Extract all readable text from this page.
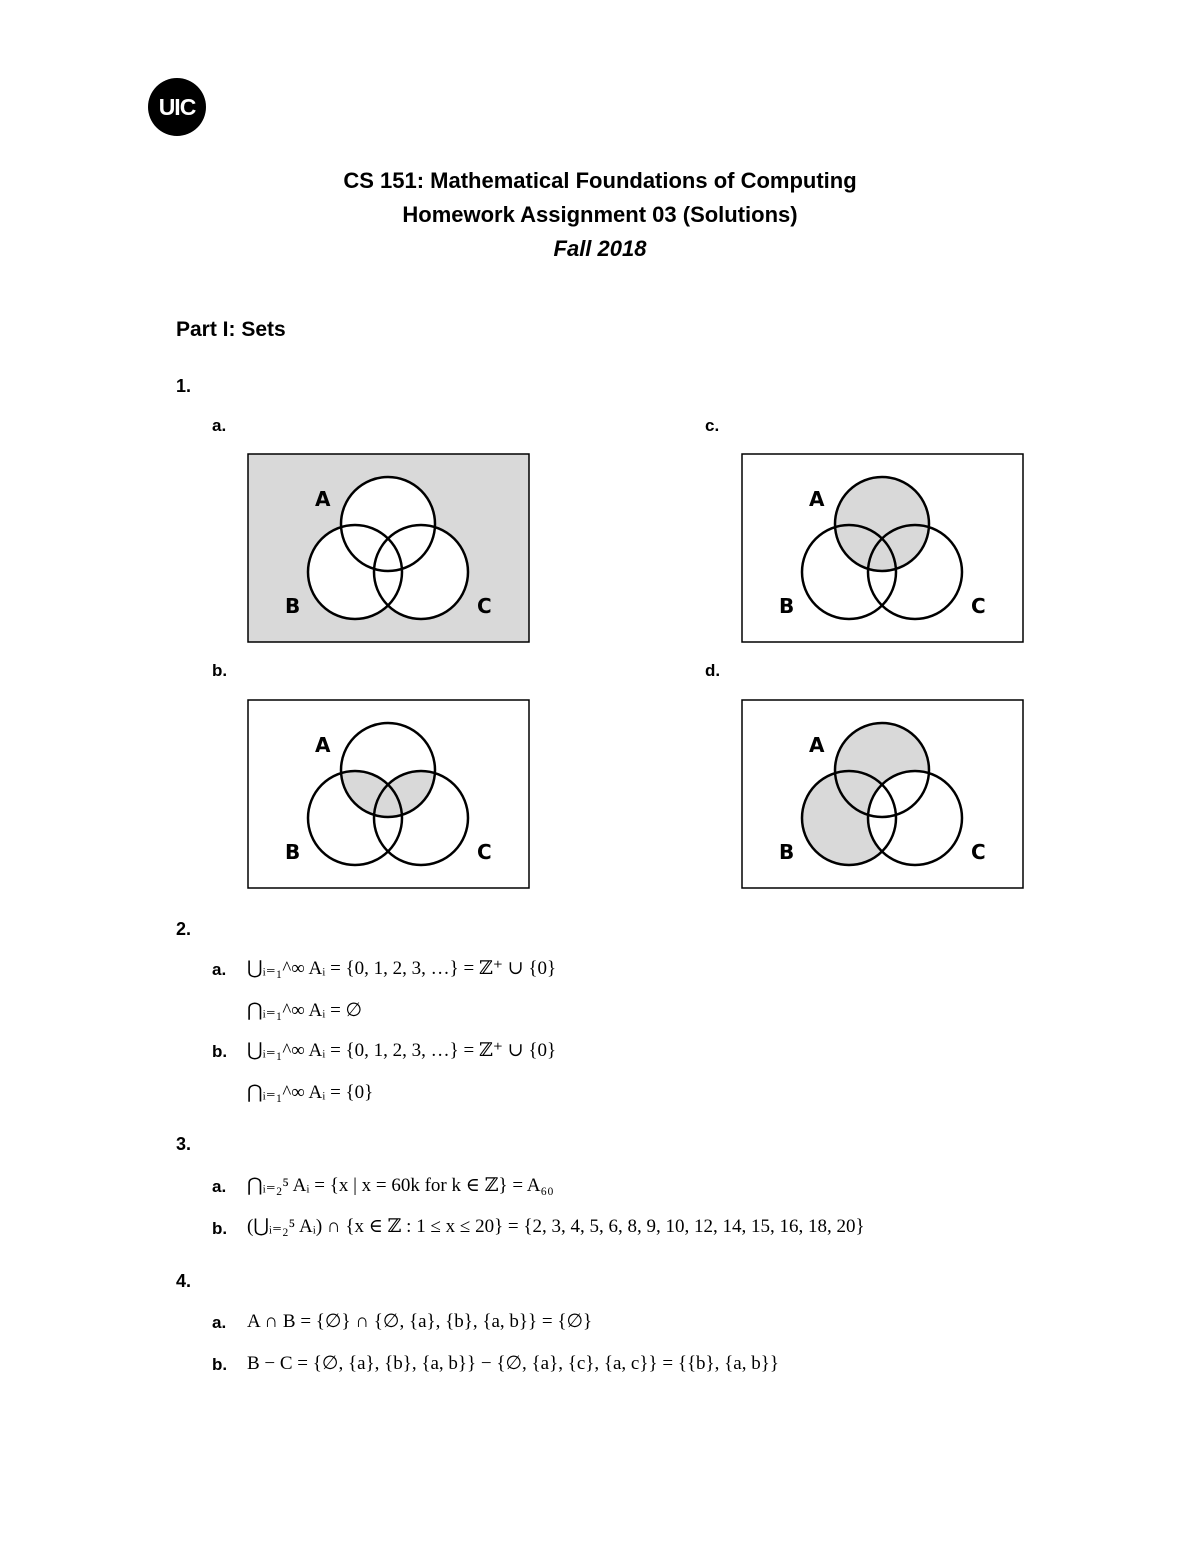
UIC
CS 151: Mathematical Foundations of Computing
Homework Assignment 03 (Solutions)
Fall 2018
Part I: Sets
1.
a.	c.
b.	d.
A
B	C
A
B	C
A
B	C
A
B	C
2.
a. ⋃ᵢ₌₁^∞ Aᵢ = {0, 1, 2, 3, …} = ℤ⁺ ∪ {0}
⋂ᵢ₌₁^∞ Aᵢ = ∅
b. ⋃ᵢ₌₁^∞ Aᵢ = {0, 1, 2, 3, …} = ℤ⁺ ∪ {0}
⋂ᵢ₌₁^∞ Aᵢ = {0}
3.
a. ⋂ᵢ₌₂⁵ Aᵢ = {x | x = 60k for k ∈ ℤ} = A₆₀
b. (⋃ᵢ₌₂⁵ Aᵢ) ∩ {x ∈ ℤ : 1 ≤ x ≤ 20} = {2, 3, 4, 5, 6, 8, 9, 10, 12, 14, 15, 16, 18, 20}
4.
a. A ∩ B = {∅} ∩ {∅, {a}, {b}, {a, b}} = {∅}
b. B − C = {∅, {a}, {b}, {a, b}} − {∅, {a}, {c}, {a, c}} = {{b}, {a, b}}
